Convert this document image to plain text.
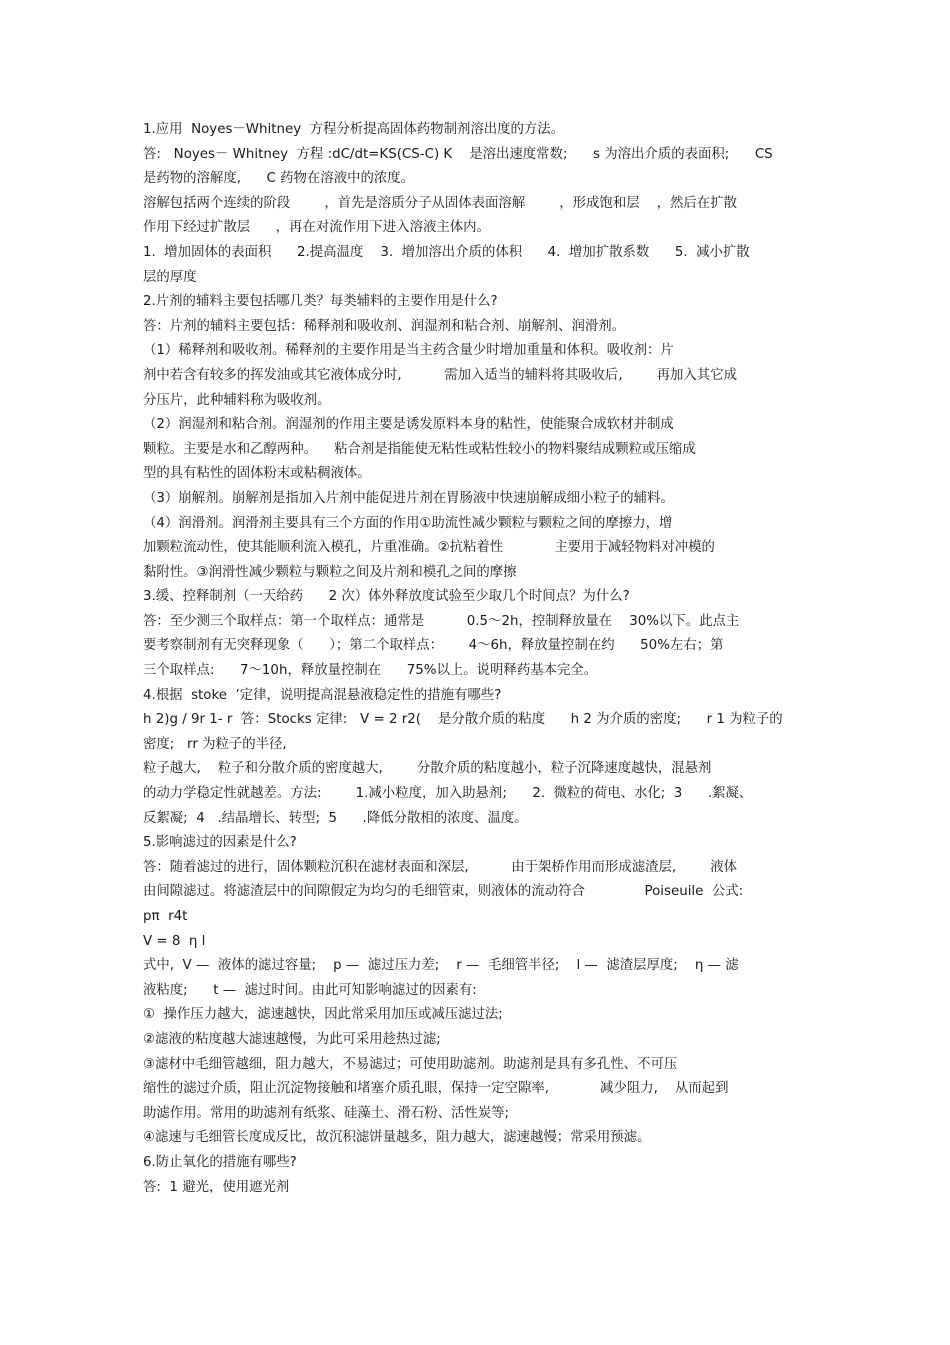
1.应用  Noyes－Whitney  方程分析提高固体药物制剂溶出度的方法。
答:   Noyes－ Whitney  方程 :dC/dt=KS(CS-C) K    是溶出速度常数;      s 为溶出介质的表面积;      CS
是药物的溶解度,      C 药物在溶液中的浓度。
溶解包括两个连续的阶段        ，首先是溶质分子从固体表面溶解        ，形成饱和层    ，然后在扩散
作用下经过扩散层      ，再在对流作用下进入溶液主体内。
1.  增加固体的表面积      2.提高温度    3.  增加溶出介质的体积      4.  增加扩散系数      5.  减小扩散
层的厚度
2.片剂的辅料主要包括哪几类？每类辅料的主要作用是什么?
答：片剂的辅料主要包括：稀释剂和吸收剂、润湿剂和粘合剂、崩解剂、润滑剂。
（1）稀释剂和吸收剂。稀释剂的主要作用是当主药含量少时增加重量和体积。吸收剂：片
剂中若含有较多的挥发油或其它液体成分时,          需加入适当的辅料将其吸收后,        再加入其它成
分压片，此种辅料称为吸收剂。
（2）润湿剂和粘合剂。润湿剂的作用主要是诱发原料本身的粘性，使能聚合成软材并制成
颗粒。主要是水和乙醇两种。    粘合剂是指能使无粘性或粘性较小的物料聚结成颗粒或压缩成
型的具有粘性的固体粉末或粘稠液体。
（3）崩解剂。崩解剂是指加入片剂中能促进片剂在胃肠液中快速崩解成细小粒子的辅料。
（4）润滑剂。润滑剂主要具有三个方面的作用①助流性减少颗粒与颗粒之间的摩擦力，增
加颗粒流动性，使其能顺利流入模孔，片重准确。②抗粘着性            主要用于减轻物料对冲模的
黏附性。③润滑性减少颗粒与颗粒之间及片剂和模孔之间的摩擦
3.缓、控释制剂（一天给药      2 次）体外释放度试验至少取几个时间点？为什么?
答：至少测三个取样点：第一个取样点：通常是          0.5～2h，控制释放量在    30%以下。此点主
要考察制剂有无突释现象（      ）；第二个取样点：      4～6h，释放量控制在约      50%左右；第
三个取样点:      7～10h，释放量控制在      75%以上。说明释药基本完全。
4.根据  stoke  ’定律，说明提高混悬液稳定性的措施有哪些?
h 2)g / 9r 1- r  答：Stocks 定律:   V = 2 r2(    是分散介质的粘度      h 2 为介质的密度;      r 1 为粒子的
密度;   rr 为粒子的半径,
粒子越大,    粒子和分散介质的密度越大,        分散介质的粘度越小，粒子沉降速度越快，混悬剂
的动力学稳定性就越差。方法:        1.减小粒度，加入助悬剂;      2.  微粒的荷电、水化;  3      .絮凝、
反絮凝;  4   .结晶增长、转型;  5      .降低分散相的浓度、温度。
5.影响滤过的因素是什么?
答：随着滤过的进行，固体颗粒沉积在滤材表面和深层,          由于架桥作用而形成滤渣层,        液体
由间隙滤过。将滤渣层中的间隙假定为均匀的毛细管束，则液体的流动符合              Poiseuile  公式:
pπ  r4t
V = 8  η l
式中,  V —  液体的滤过容量;    p —  滤过压力差;    r —  毛细管半径;    l —  滤渣层厚度;    η — 滤
液粘度;      t —  滤过时间。由此可知影响滤过的因素有:
①  操作压力越大，滤速越快，因此常采用加压或减压滤过法;
②滤液的粘度越大滤速越慢，为此可采用趁热过滤;
③滤材中毛细管越细，阻力越大，不易滤过；可使用助滤剂。助滤剂是具有多孔性、不可压
缩性的滤过介质，阻止沉淀物接触和堵塞介质孔眼，保持一定空隙率,            减少阻力,    从而起到
助滤作用。常用的助滤剂有纸浆、硅藻土、滑石粉、活性炭等;
④滤速与毛细管长度成反比，故沉积滤饼量越多，阻力越大，滤速越慢；常采用预滤。
6.防止氧化的措施有哪些?
答:  1 避光，使用遮光剂
